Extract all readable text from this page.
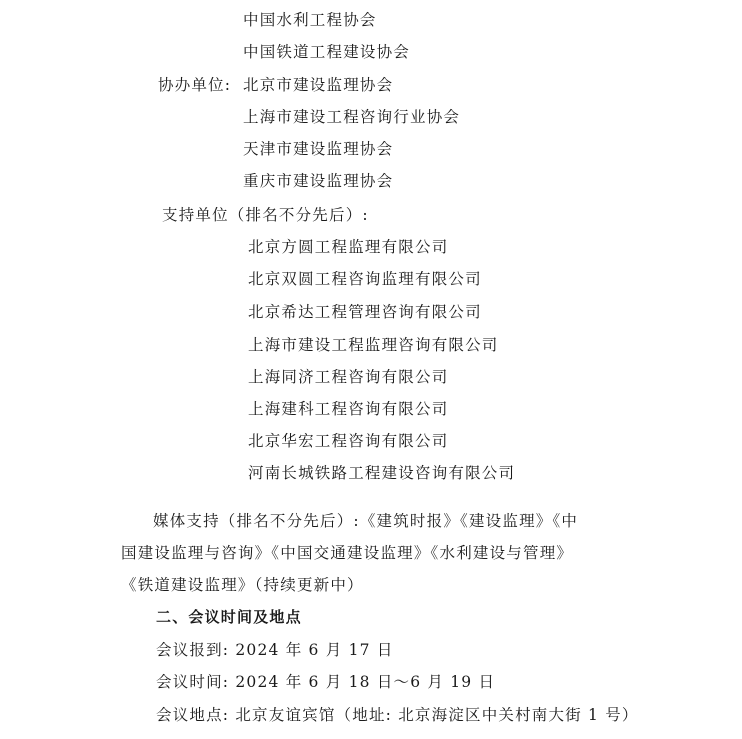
中国水利工程协会
中国铁道工程建设协会
协办单位: 北京市建设监理协会
上海市建设工程咨询行业协会
天津市建设监理协会
重庆市建设监理协会
支持单位（排名不分先后）:
北京方圆工程监理有限公司
北京双圆工程咨询监理有限公司
北京希达工程管理咨询有限公司
上海市建设工程监理咨询有限公司
上海同济工程咨询有限公司
上海建科工程咨询有限公司
北京华宏工程咨询有限公司
河南长城铁路工程建设咨询有限公司
媒体支持（排名不分先后）:《建筑时报》《建设监理》《中
国建设监理与咨询》《中国交通建设监理》《水利建设与管理》
《铁道建设监理》（持续更新中）
二、会议时间及地点
会议报到: 2024 年 6 月 17 日
会议时间: 2024 年 6 月 18 日～6 月 19 日
会议地点: 北京友谊宾馆（地址: 北京海淀区中关村南大街 1 号）
